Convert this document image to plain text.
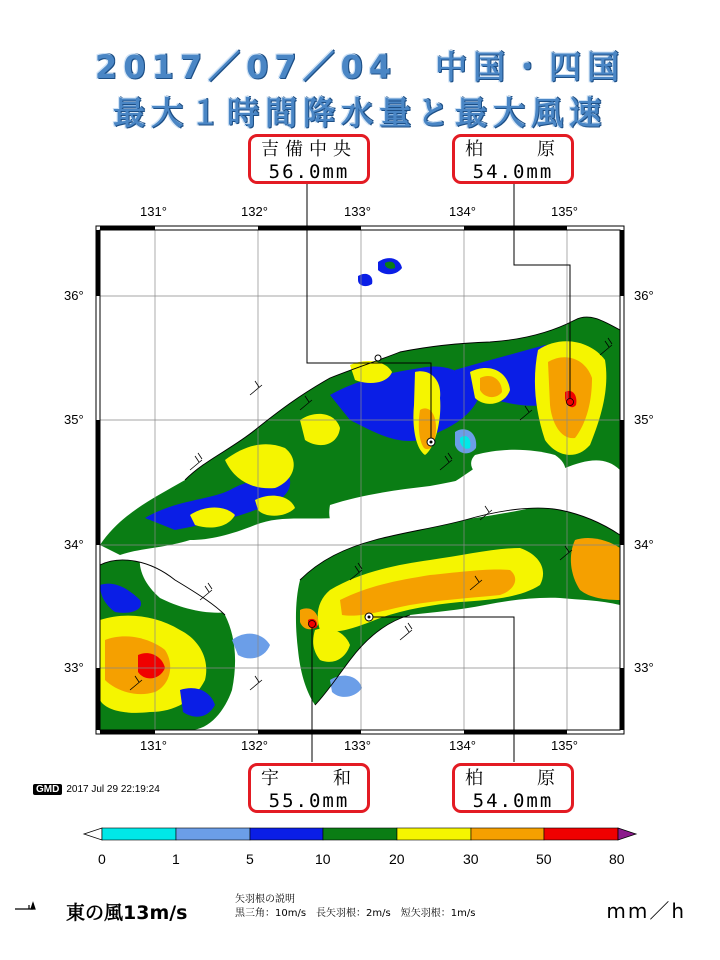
2017／07／04　中国・四国
最大１時間降水量と最大風速
吉備中央
56.0mm
柏　　原
54.0mm
宇　　和
55.0mm
柏　　原
54.0mm
131°	132°	133°	134°	135°
131°	132°	133°	134°	135°
36°
35°
34°
33°
36°
35°
34°
33°
0	1	5	10	20	30	50	80
GMD 2017 Jul 29 22:19:24
東の風13m/s
矢羽根の説明
黒三角：10m/s　長矢羽根：2m/s　短矢羽根：1m/s	mm／h
